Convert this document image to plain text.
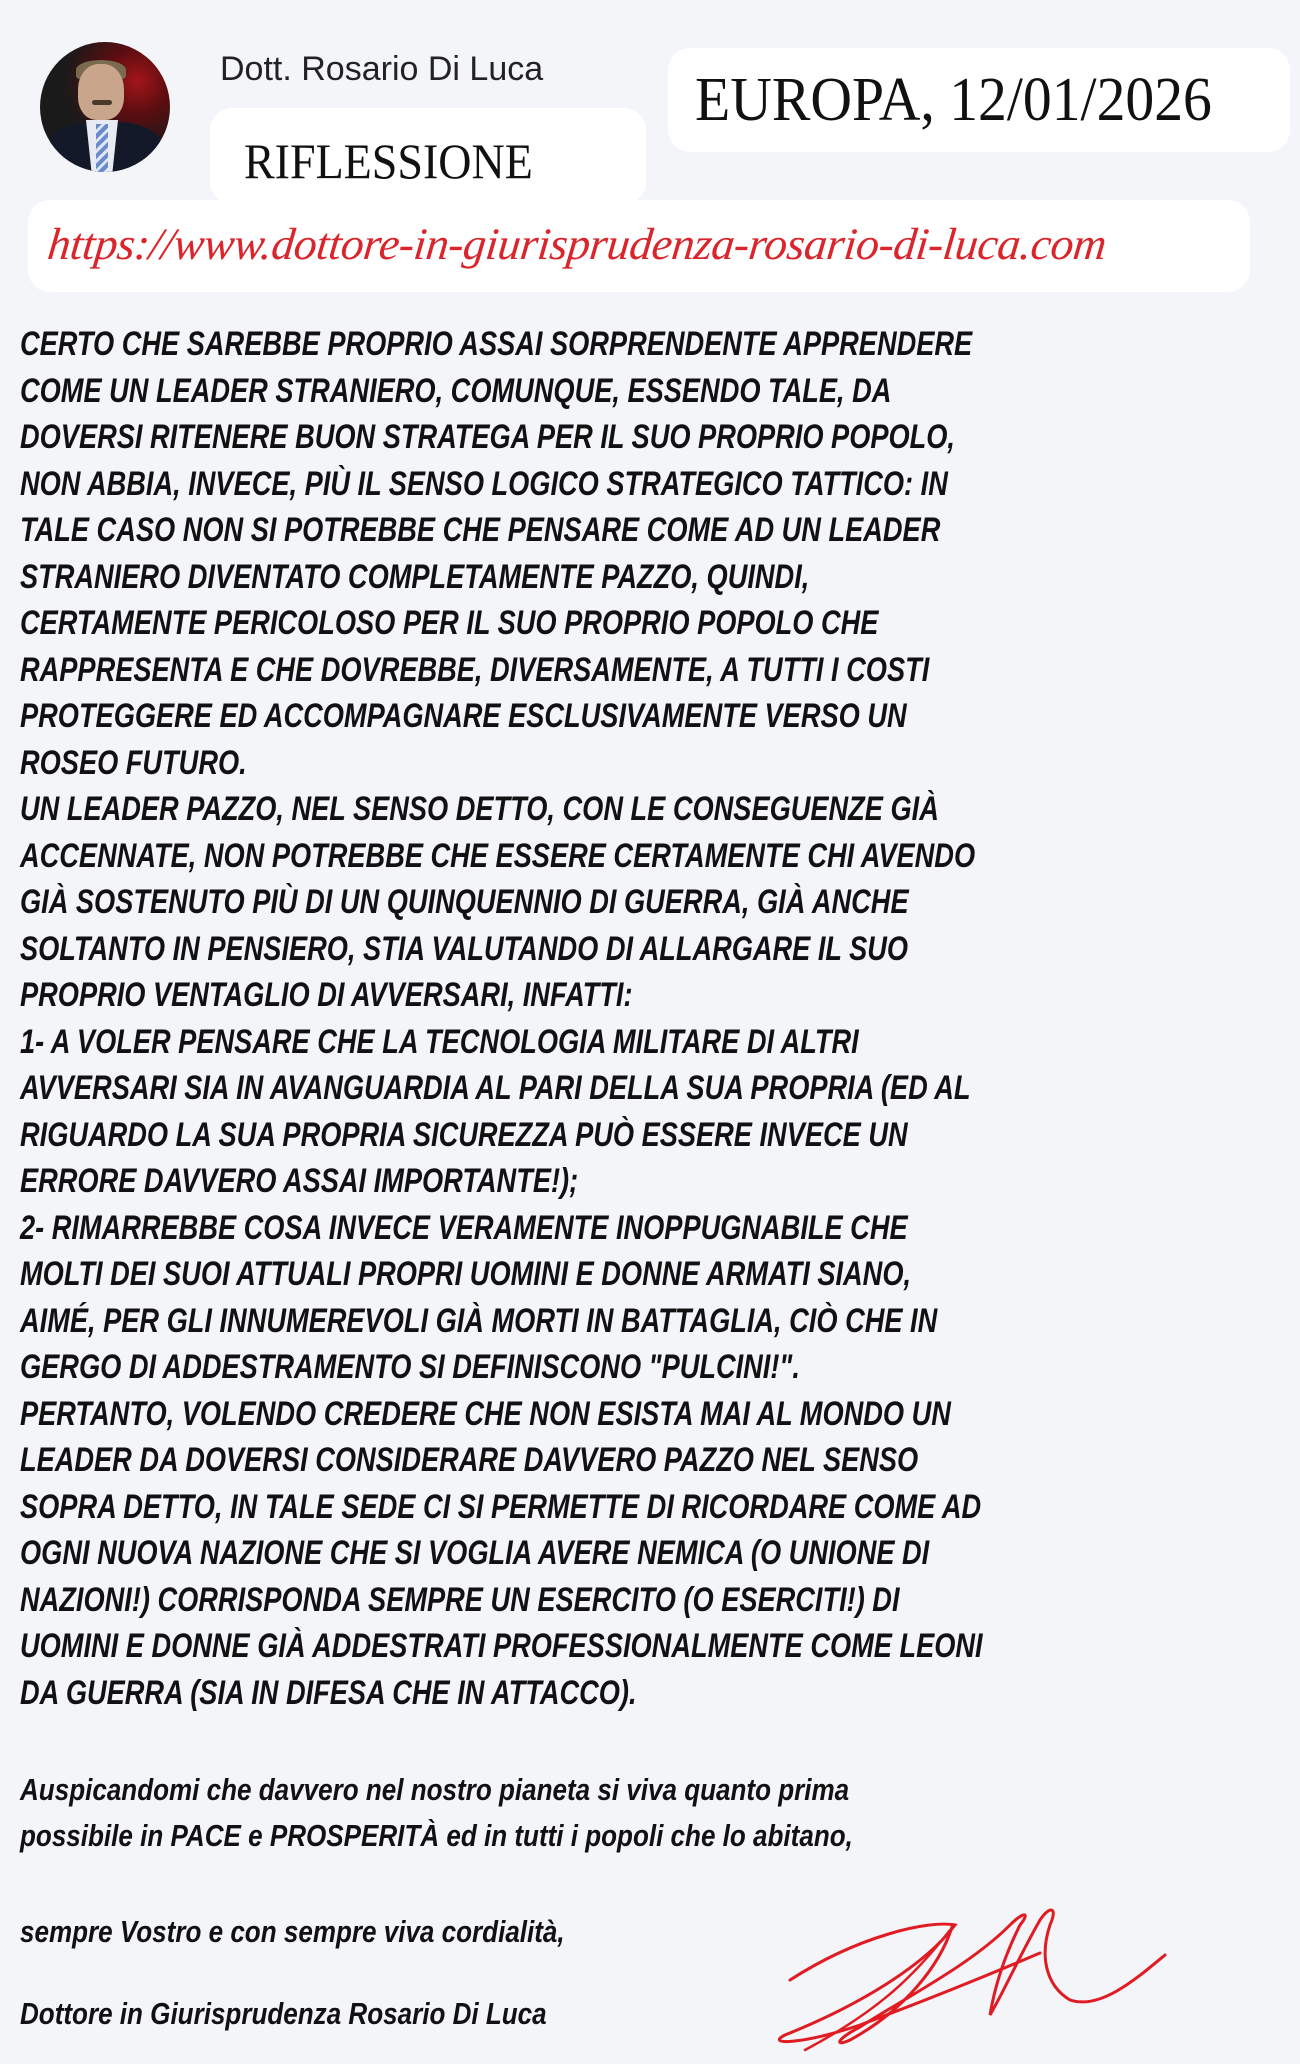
Dott. Rosario Di Luca
RIFLESSIONE
EUROPA, 12/01/2026
https://www.dottore-in-giurisprudenza-rosario-di-luca.com
CERTO CHE SAREBBE PROPRIO ASSAI SORPRENDENTE APPRENDERE
COME UN LEADER STRANIERO, COMUNQUE, ESSENDO TALE, DA
DOVERSI RITENERE BUON STRATEGA PER IL SUO PROPRIO POPOLO,
NON ABBIA, INVECE, PIÙ IL SENSO LOGICO STRATEGICO TATTICO: IN
TALE CASO NON SI POTREBBE CHE PENSARE COME AD UN LEADER
STRANIERO DIVENTATO COMPLETAMENTE PAZZO, QUINDI,
CERTAMENTE PERICOLOSO PER IL SUO PROPRIO POPOLO CHE
RAPPRESENTA E CHE DOVREBBE, DIVERSAMENTE, A TUTTI I COSTI
PROTEGGERE ED ACCOMPAGNARE ESCLUSIVAMENTE VERSO UN
ROSEO FUTURO.
UN LEADER PAZZO, NEL SENSO DETTO, CON LE CONSEGUENZE GIÀ
ACCENNATE, NON POTREBBE CHE ESSERE CERTAMENTE CHI AVENDO
GIÀ SOSTENUTO PIÙ DI UN QUINQUENNIO DI GUERRA, GIÀ ANCHE
SOLTANTO IN PENSIERO, STIA VALUTANDO DI ALLARGARE IL SUO
PROPRIO VENTAGLIO DI AVVERSARI, INFATTI:
1- A VOLER PENSARE CHE LA TECNOLOGIA MILITARE DI ALTRI
AVVERSARI SIA IN AVANGUARDIA AL PARI DELLA SUA PROPRIA (ED AL
RIGUARDO LA SUA PROPRIA SICUREZZA PUÒ ESSERE INVECE UN
ERRORE DAVVERO ASSAI IMPORTANTE!);
2- RIMARREBBE COSA INVECE VERAMENTE INOPPUGNABILE CHE
MOLTI DEI SUOI ATTUALI PROPRI UOMINI E DONNE ARMATI SIANO,
AIMÉ, PER GLI INNUMEREVOLI GIÀ MORTI IN BATTAGLIA, CIÒ CHE IN
GERGO DI ADDESTRAMENTO SI DEFINISCONO "PULCINI!".
PERTANTO, VOLENDO CREDERE CHE NON ESISTA MAI AL MONDO UN
LEADER DA DOVERSI CONSIDERARE DAVVERO PAZZO NEL SENSO
SOPRA DETTO, IN TALE SEDE CI SI PERMETTE DI RICORDARE COME AD
OGNI NUOVA NAZIONE CHE SI VOGLIA AVERE NEMICA (O UNIONE DI
NAZIONI!) CORRISPONDA SEMPRE UN ESERCITO (O ESERCITI!) DI
UOMINI E DONNE GIÀ ADDESTRATI PROFESSIONALMENTE COME LEONI
DA GUERRA (SIA IN DIFESA CHE IN ATTACCO).
Auspicandomi che davvero nel nostro pianeta si viva quanto prima
possibile in PACE e PROSPERITÀ ed in tutti i popoli che lo abitano,
sempre Vostro e con sempre viva cordialità,
Dottore in Giurisprudenza Rosario Di Luca
